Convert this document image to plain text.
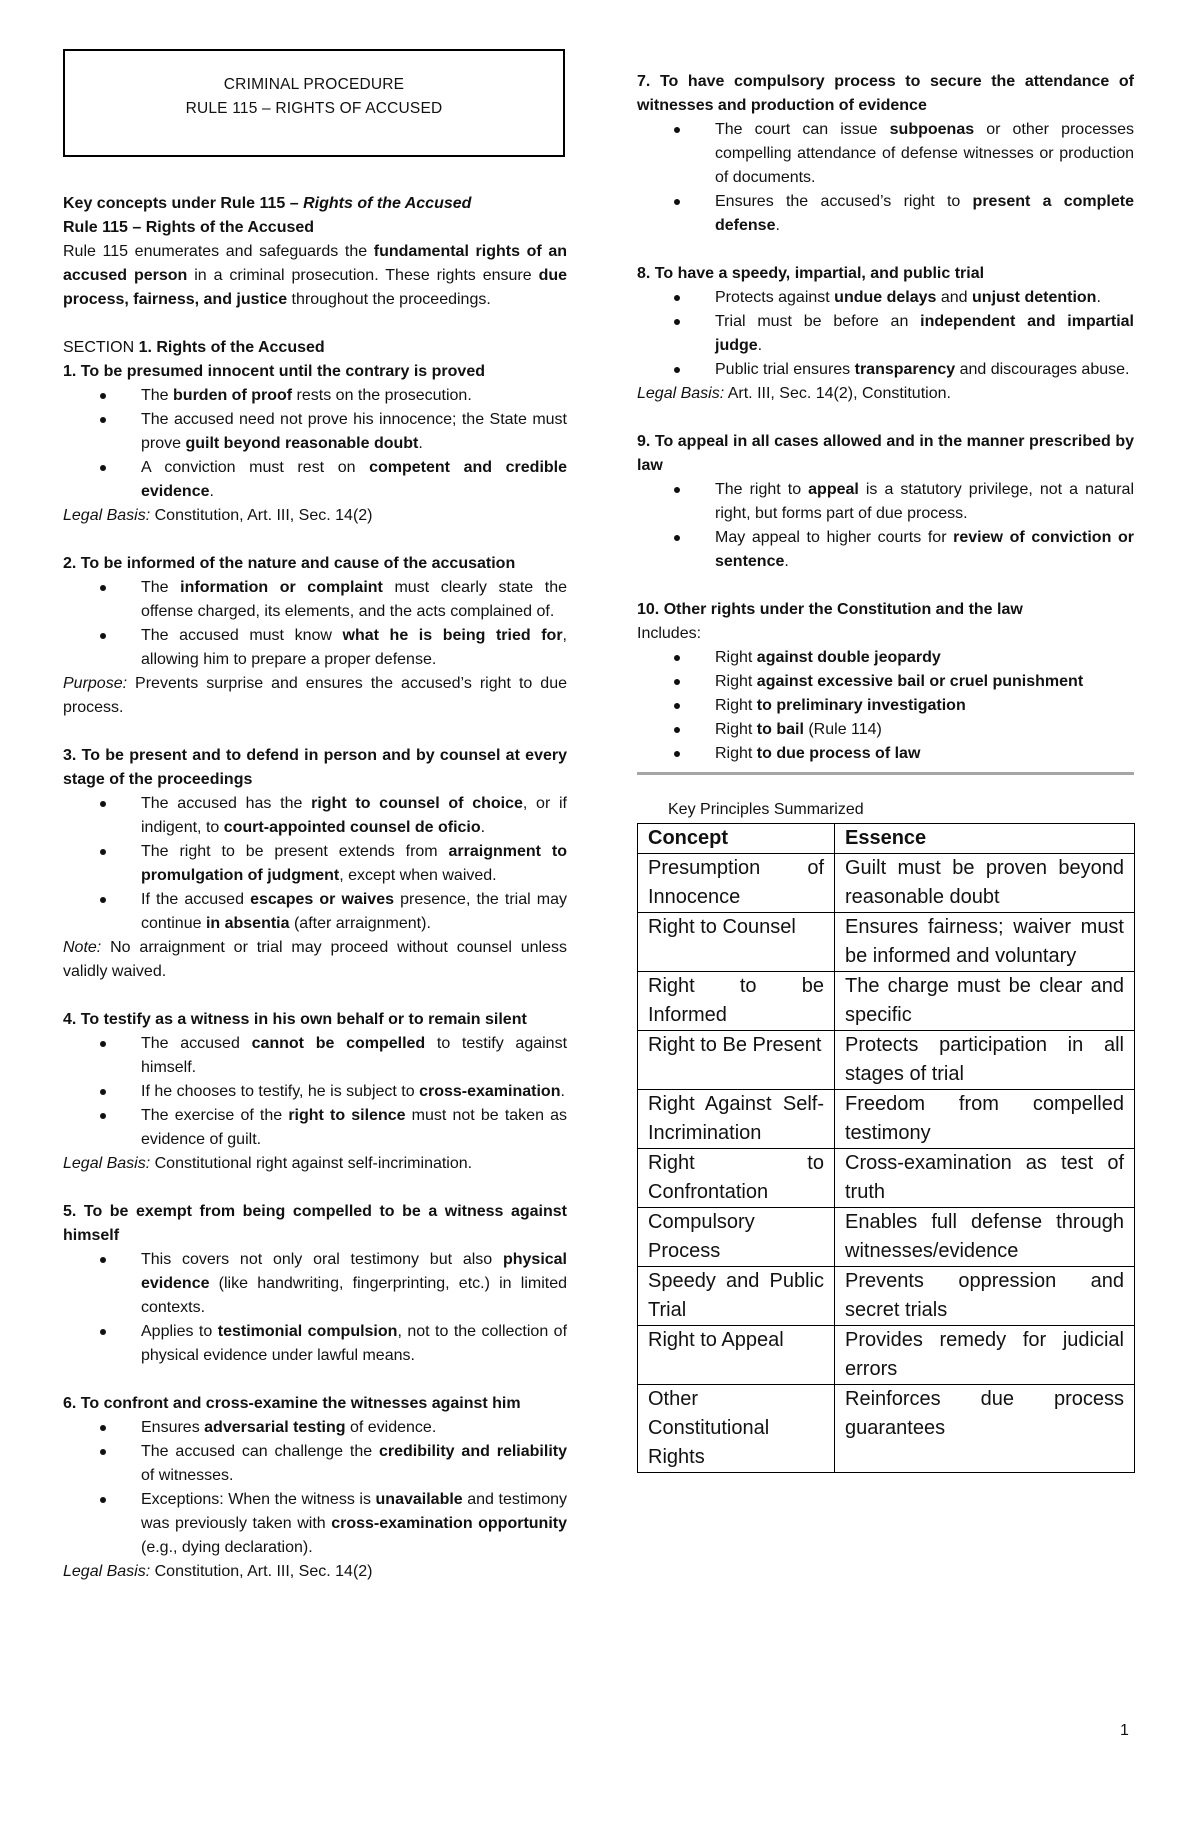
CRIMINAL PROCEDURE
RULE 115 – RIGHTS OF ACCUSED
Key concepts under Rule 115 – Rights of the Accused
Rule 115 – Rights of the Accused
Rule 115 enumerates and safeguards the fundamental rights of an accused person in a criminal prosecution. These rights ensure due process, fairness, and justice throughout the proceedings.
SECTION 1. Rights of the Accused
1. To be presumed innocent until the contrary is proved
The burden of proof rests on the prosecution.
The accused need not prove his innocence; the State must prove guilt beyond reasonable doubt.
A conviction must rest on competent and credible evidence.
Legal Basis: Constitution, Art. III, Sec. 14(2)
2. To be informed of the nature and cause of the accusation
The information or complaint must clearly state the offense charged, its elements, and the acts complained of.
The accused must know what he is being tried for, allowing him to prepare a proper defense.
Purpose: Prevents surprise and ensures the accused’s right to due process.
3. To be present and to defend in person and by counsel at every stage of the proceedings
The accused has the right to counsel of choice, or if indigent, to court-appointed counsel de oficio.
The right to be present extends from arraignment to promulgation of judgment, except when waived.
If the accused escapes or waives presence, the trial may continue in absentia (after arraignment).
Note: No arraignment or trial may proceed without counsel unless validly waived.
4. To testify as a witness in his own behalf or to remain silent
The accused cannot be compelled to testify against himself.
If he chooses to testify, he is subject to cross-examination.
The exercise of the right to silence must not be taken as evidence of guilt.
Legal Basis: Constitutional right against self-incrimination.
5. To be exempt from being compelled to be a witness against himself
This covers not only oral testimony but also physical evidence (like handwriting, fingerprinting, etc.) in limited contexts.
Applies to testimonial compulsion, not to the collection of physical evidence under lawful means.
6. To confront and cross-examine the witnesses against him
Ensures adversarial testing of evidence.
The accused can challenge the credibility and reliability of witnesses.
Exceptions: When the witness is unavailable and testimony was previously taken with cross-examination opportunity (e.g., dying declaration).
Legal Basis: Constitution, Art. III, Sec. 14(2)
7. To have compulsory process to secure the attendance of witnesses and production of evidence
The court can issue subpoenas or other processes compelling attendance of defense witnesses or production of documents.
Ensures the accused’s right to present a complete defense.
8. To have a speedy, impartial, and public trial
Protects against undue delays and unjust detention.
Trial must be before an independent and impartial judge.
Public trial ensures transparency and discourages abuse.
Legal Basis: Art. III, Sec. 14(2), Constitution.
9. To appeal in all cases allowed and in the manner prescribed by law
The right to appeal is a statutory privilege, not a natural right, but forms part of due process.
May appeal to higher courts for review of conviction or sentence.
10. Other rights under the Constitution and the law
Includes:
Right against double jeopardy
Right against excessive bail or cruel punishment
Right to preliminary investigation
Right to bail (Rule 114)
Right to due process of law
Key Principles Summarized
Concept	Essence
Presumption of Innocence	Guilt must be proven beyond reasonable doubt
Right to Counsel	Ensures fairness; waiver must be informed and voluntary
Right to be Informed	The charge must be clear and specific
Right to Be Present	Protects participation in all stages of trial
Right Against Self-Incrimination	Freedom from compelled testimony
Right to Confrontation	Cross-examination as test of truth
Compulsory Process	Enables full defense through witnesses/evidence
Speedy and Public Trial	Prevents oppression and secret trials
Right to Appeal	Provides remedy for judicial errors
Other Constitutional Rights	Reinforces due process guarantees
1
